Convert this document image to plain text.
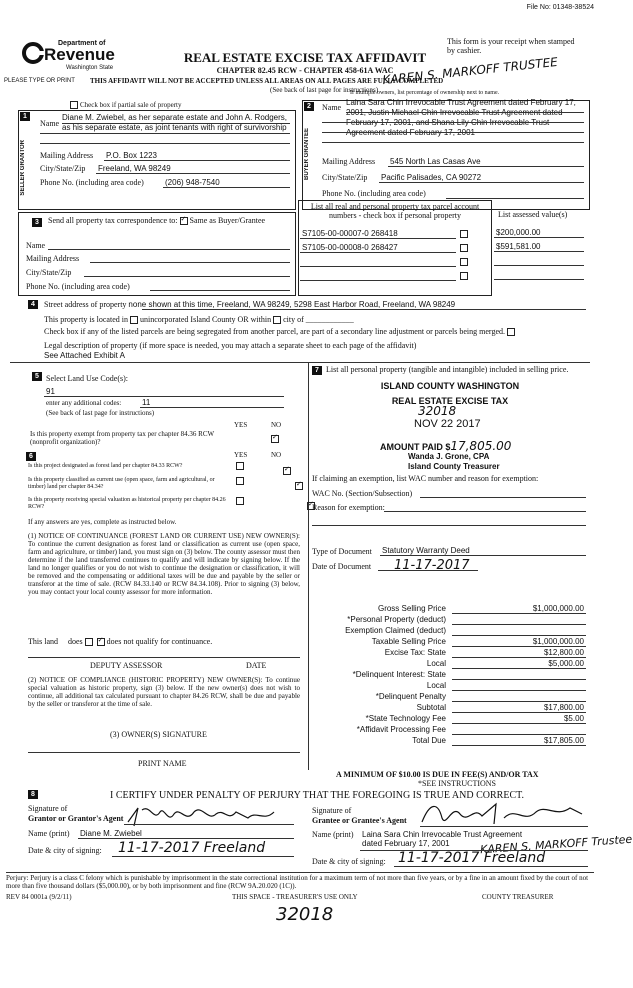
File No: 01348-38524
Department of
Revenue
Washington State
PLEASE TYPE OR PRINT
REAL ESTATE EXCISE TAX AFFIDAVIT
CHAPTER 82.45 RCW - CHAPTER 458-61A WAC
THIS AFFIDAVIT WILL NOT BE ACCEPTED UNLESS ALL AREAS ON ALL PAGES ARE FULLY COMPLETED
(See back of last page for instructions)
This form is your receipt when stamped by cashier.
If multiple owners, list percentage of ownership next to name.
KAREN S. MARKOFF TRUSTEE
Check box if partial sale of property
1
SELLER GRANTOR
Name
Diane M. Zwiebel, as her separate estate and John A. Rodgers, as his separate estate, as joint tenants with right of survivorship
Mailing Address P.O. Box 1223
City/State/Zip Freeland, WA 98249
Phone No. (including area code)	(206) 948-7540
2
BUYER GRANTEE
Name
Laina Sara Chin Irrevocable Trust Agreement dated February 17, 2001, Justin Michael Chin Irrevocable Trust Agreement dated February 17, 2001, and Shana Lily Chin Irrevocable Trust Agreement dated February 17, 2001
Mailing Address 545 North Las Casas Ave
City/State/Zip Pacific Palisades, CA 90272
Phone No. (including area code)
3	Send all property tax correspondence to: ✓ Same as Buyer/Grantee
Name
Mailing Address
City/State/Zip
Phone No. (including area code)
List all real and personal property tax parcel account numbers - check box if personal property	List assessed value(s)
S7105-00-00007-0 268418	$200,000.00
S7105-00-00008-0 268427	$591,581.00
4	Street address of property none shown at this time, Freeland, WA 98249, 5298 East Harbor Road, Freeland, WA 98249
This property is located in unincorporated Island County OR within city of ____________
Check box if any of the listed parcels are being segregated from another parcel, are part of a secondary line adjustment or parcels being merged.
Legal description of property (if more space is needed, you may attach a separate sheet to each page of the affidavit)
See Attached Exhibit A
5 Select Land Use Code(s):
91
enter any additional codes:	11
(See back of last page for instructions)
YES	NO
Is this property exempt from property tax per chapter 84.36 RCW (nonprofit organization)?
✓
6	YES	NO
Is this project designated as forest land per chapter 84.33 RCW?
✓
Is this property classified as current use (open space, farm and agricultural, or timber) land per chapter 84.34?
✓
Is this property receiving special valuation as historical property per chapter 84.26 RCW?
✓
If any answers are yes, complete as instructed below.
(1) NOTICE OF CONTINUANCE (FOREST LAND OR CURRENT USE) NEW OWNER(S): To continue the current designation as forest land or classification as current use (open space, farm and agriculture, or timber) land, you must sign on (3) below. The county assessor must then determine if the land transferred continues to qualify and will indicate by signing below. If the land no longer qualifies or you do not wish to continue the designation or classification, it will be removed and the compensating or additional taxes will be due and payable by the seller or transferor at the time of sale. (RCW 84.33.140 or RCW 84.34.108). Prior to signing (3) below, you may contact your local county assessor for more information.
This land does ✓	does not qualify for continuance.
DEPUTY ASSESSOR	DATE
(2) NOTICE OF COMPLIANCE (HISTORIC PROPERTY) NEW OWNER(S): To continue special valuation as historic property, sign (3) below. If the new owner(s) does not wish to continue, all additional tax calculated pursuant to chapter 84.26 RCW, shall be due and payable by the seller or transferor at the time of sale.
(3) OWNER(S) SIGNATURE
PRINT NAME
7 List all personal property (tangible and intangible) included in selling price.
ISLAND COUNTY WASHINGTON
REAL ESTATE EXCISE TAX
32018
NOV 22 2017
AMOUNT PAID $17,805.00
Wanda J. Grone, CPA
Island County Treasurer
If claiming an exemption, list WAC number and reason for exemption:
WAC No. (Section/Subsection)
Reason for exemption:
Type of Document Statutory Warranty Deed
Date of Document 11-17-2017
Gross Selling Price	$1,000,000.00
*Personal Property (deduct)
Exemption Claimed (deduct)
Taxable Selling Price	$1,000,000.00
Excise Tax: State	$12,800.00
Local	$5,000.00
*Delinquent Interest: State
Local
*Delinquent Penalty
Subtotal	$17,800.00
*State Technology Fee	$5.00
*Affidavit Processing Fee
Total Due	$17,805.00
A MINIMUM OF $10.00 IS DUE IN FEE(S) AND/OR TAX
*SEE INSTRUCTIONS
8	I CERTIFY UNDER PENALTY OF PERJURY THAT THE FOREGOING IS TRUE AND CORRECT.
Signature of
Grantor or Grantor's Agent
Name (print) Diane M. Zwiebel
Date & city of signing: 11-17-2017 Freeland
Signature of
Grantee or Grantee's Agent
Name (print) Laina Sara Chin Irrevocable Trust Agreement dated February 17, 2001	KAREN S. MARKOFF Trustee
Date & city of signing: 11-17-2017 Freeland
Perjury: Perjury is a class C felony which is punishable by imprisonment in the state correctional institution for a maximum term of not more than five years, or by a fine in an amount fixed by the court of not more than five thousand dollars ($5,000.00), or by both imprisonment and fine (RCW 9A.20.020 (1C)).
REV 84 0001a (9/2/11)	THIS SPACE - TREASURER'S USE ONLY	COUNTY TREASURER
32018
